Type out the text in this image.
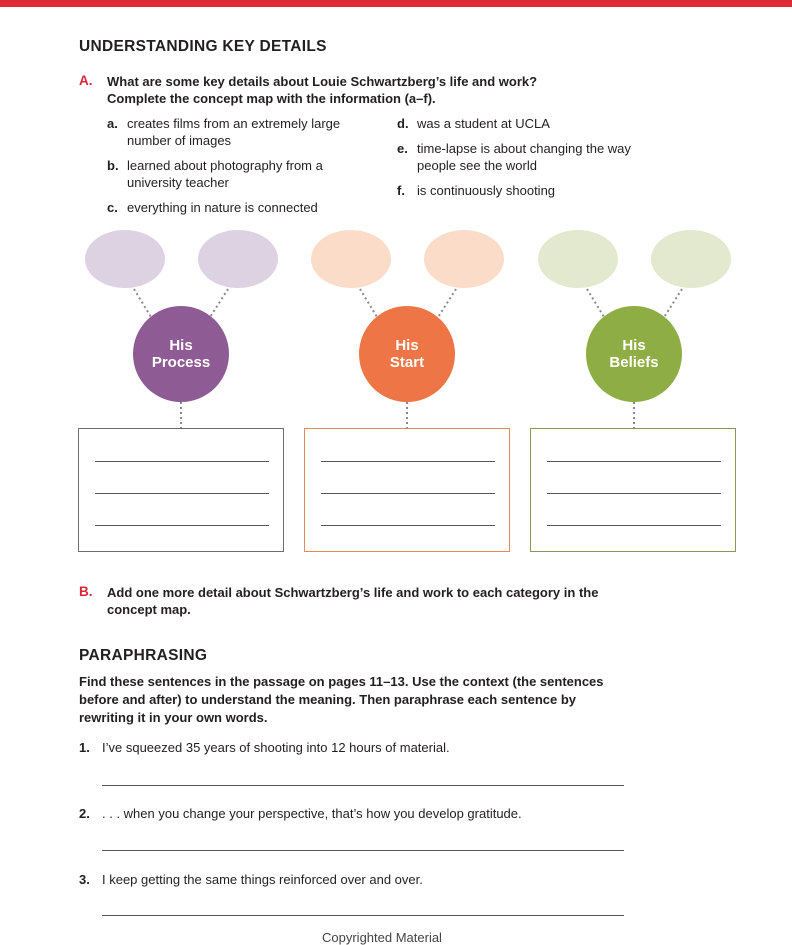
UNDERSTANDING KEY DETAILS
A. What are some key details about Louie Schwartzberg’s life and work?
Complete the concept map with the information (a–f).
a. creates films from an extremely large
number of images
b. learned about photography from a
university teacher
c. everything in nature is connected
d. was a student at UCLA
e. time-lapse is about changing the way
people see the world
f. is continuously shooting
His
Process
His
Start
His
Beliefs
B. Add one more detail about Schwartzberg’s life and work to each category in the
concept map.
PARAPHRASING
Find these sentences in the passage on pages 11–13. Use the context (the sentences
before and after) to understand the meaning. Then paraphrase each sentence by
rewriting it in your own words.
1. I’ve squeezed 35 years of shooting into 12 hours of material.
2. . . . when you change your perspective, that’s how you develop gratitude.
3. I keep getting the same things reinforced over and over.
Copyrighted Material
